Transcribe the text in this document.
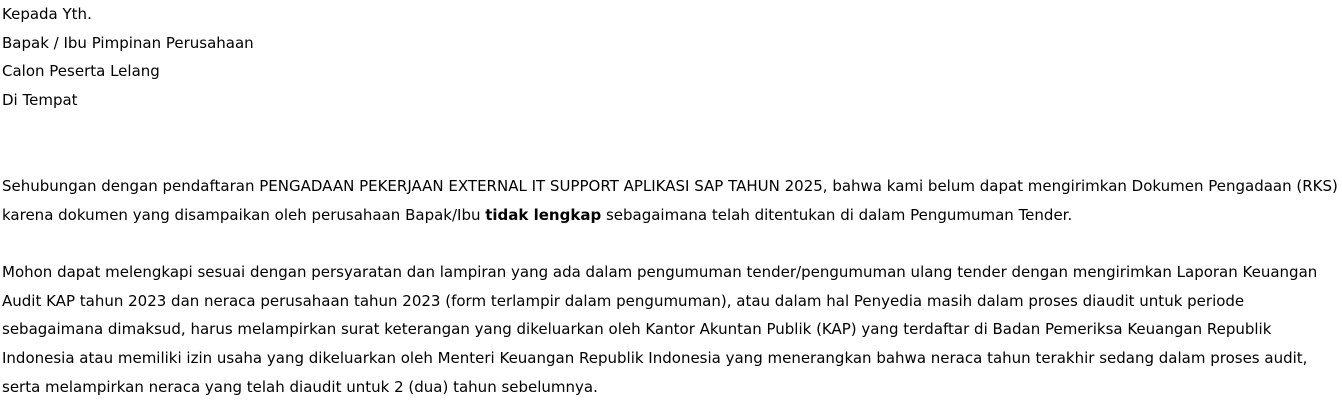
Kepada Yth.
Bapak / Ibu Pimpinan Perusahaan
Calon Peserta Lelang
Di Tempat

Sehubungan dengan pendaftaran PENGADAAN PEKERJAAN EXTERNAL IT SUPPORT APLIKASI SAP TAHUN 2025, bahwa kami belum dapat mengirimkan Dokumen Pengadaan (RKS) karena dokumen yang disampaikan oleh perusahaan Bapak/Ibu tidak lengkap sebagaimana telah ditentukan di dalam Pengumuman Tender.

Mohon dapat melengkapi sesuai dengan persyaratan dan lampiran yang ada dalam pengumuman tender/pengumuman ulang tender dengan mengirimkan Laporan Keuangan Audit KAP tahun 2023 dan neraca perusahaan tahun 2023 (form terlampir dalam pengumuman), atau dalam hal Penyedia masih dalam proses diaudit untuk periode sebagaimana dimaksud, harus melampirkan surat keterangan yang dikeluarkan oleh Kantor Akuntan Publik (KAP) yang terdaftar di Badan Pemeriksa Keuangan Republik Indonesia atau memiliki izin usaha yang dikeluarkan oleh Menteri Keuangan Republik Indonesia yang menerangkan bahwa neraca tahun terakhir sedang dalam proses audit, serta melampirkan neraca yang telah diaudit untuk 2 (dua) tahun sebelumnya.
